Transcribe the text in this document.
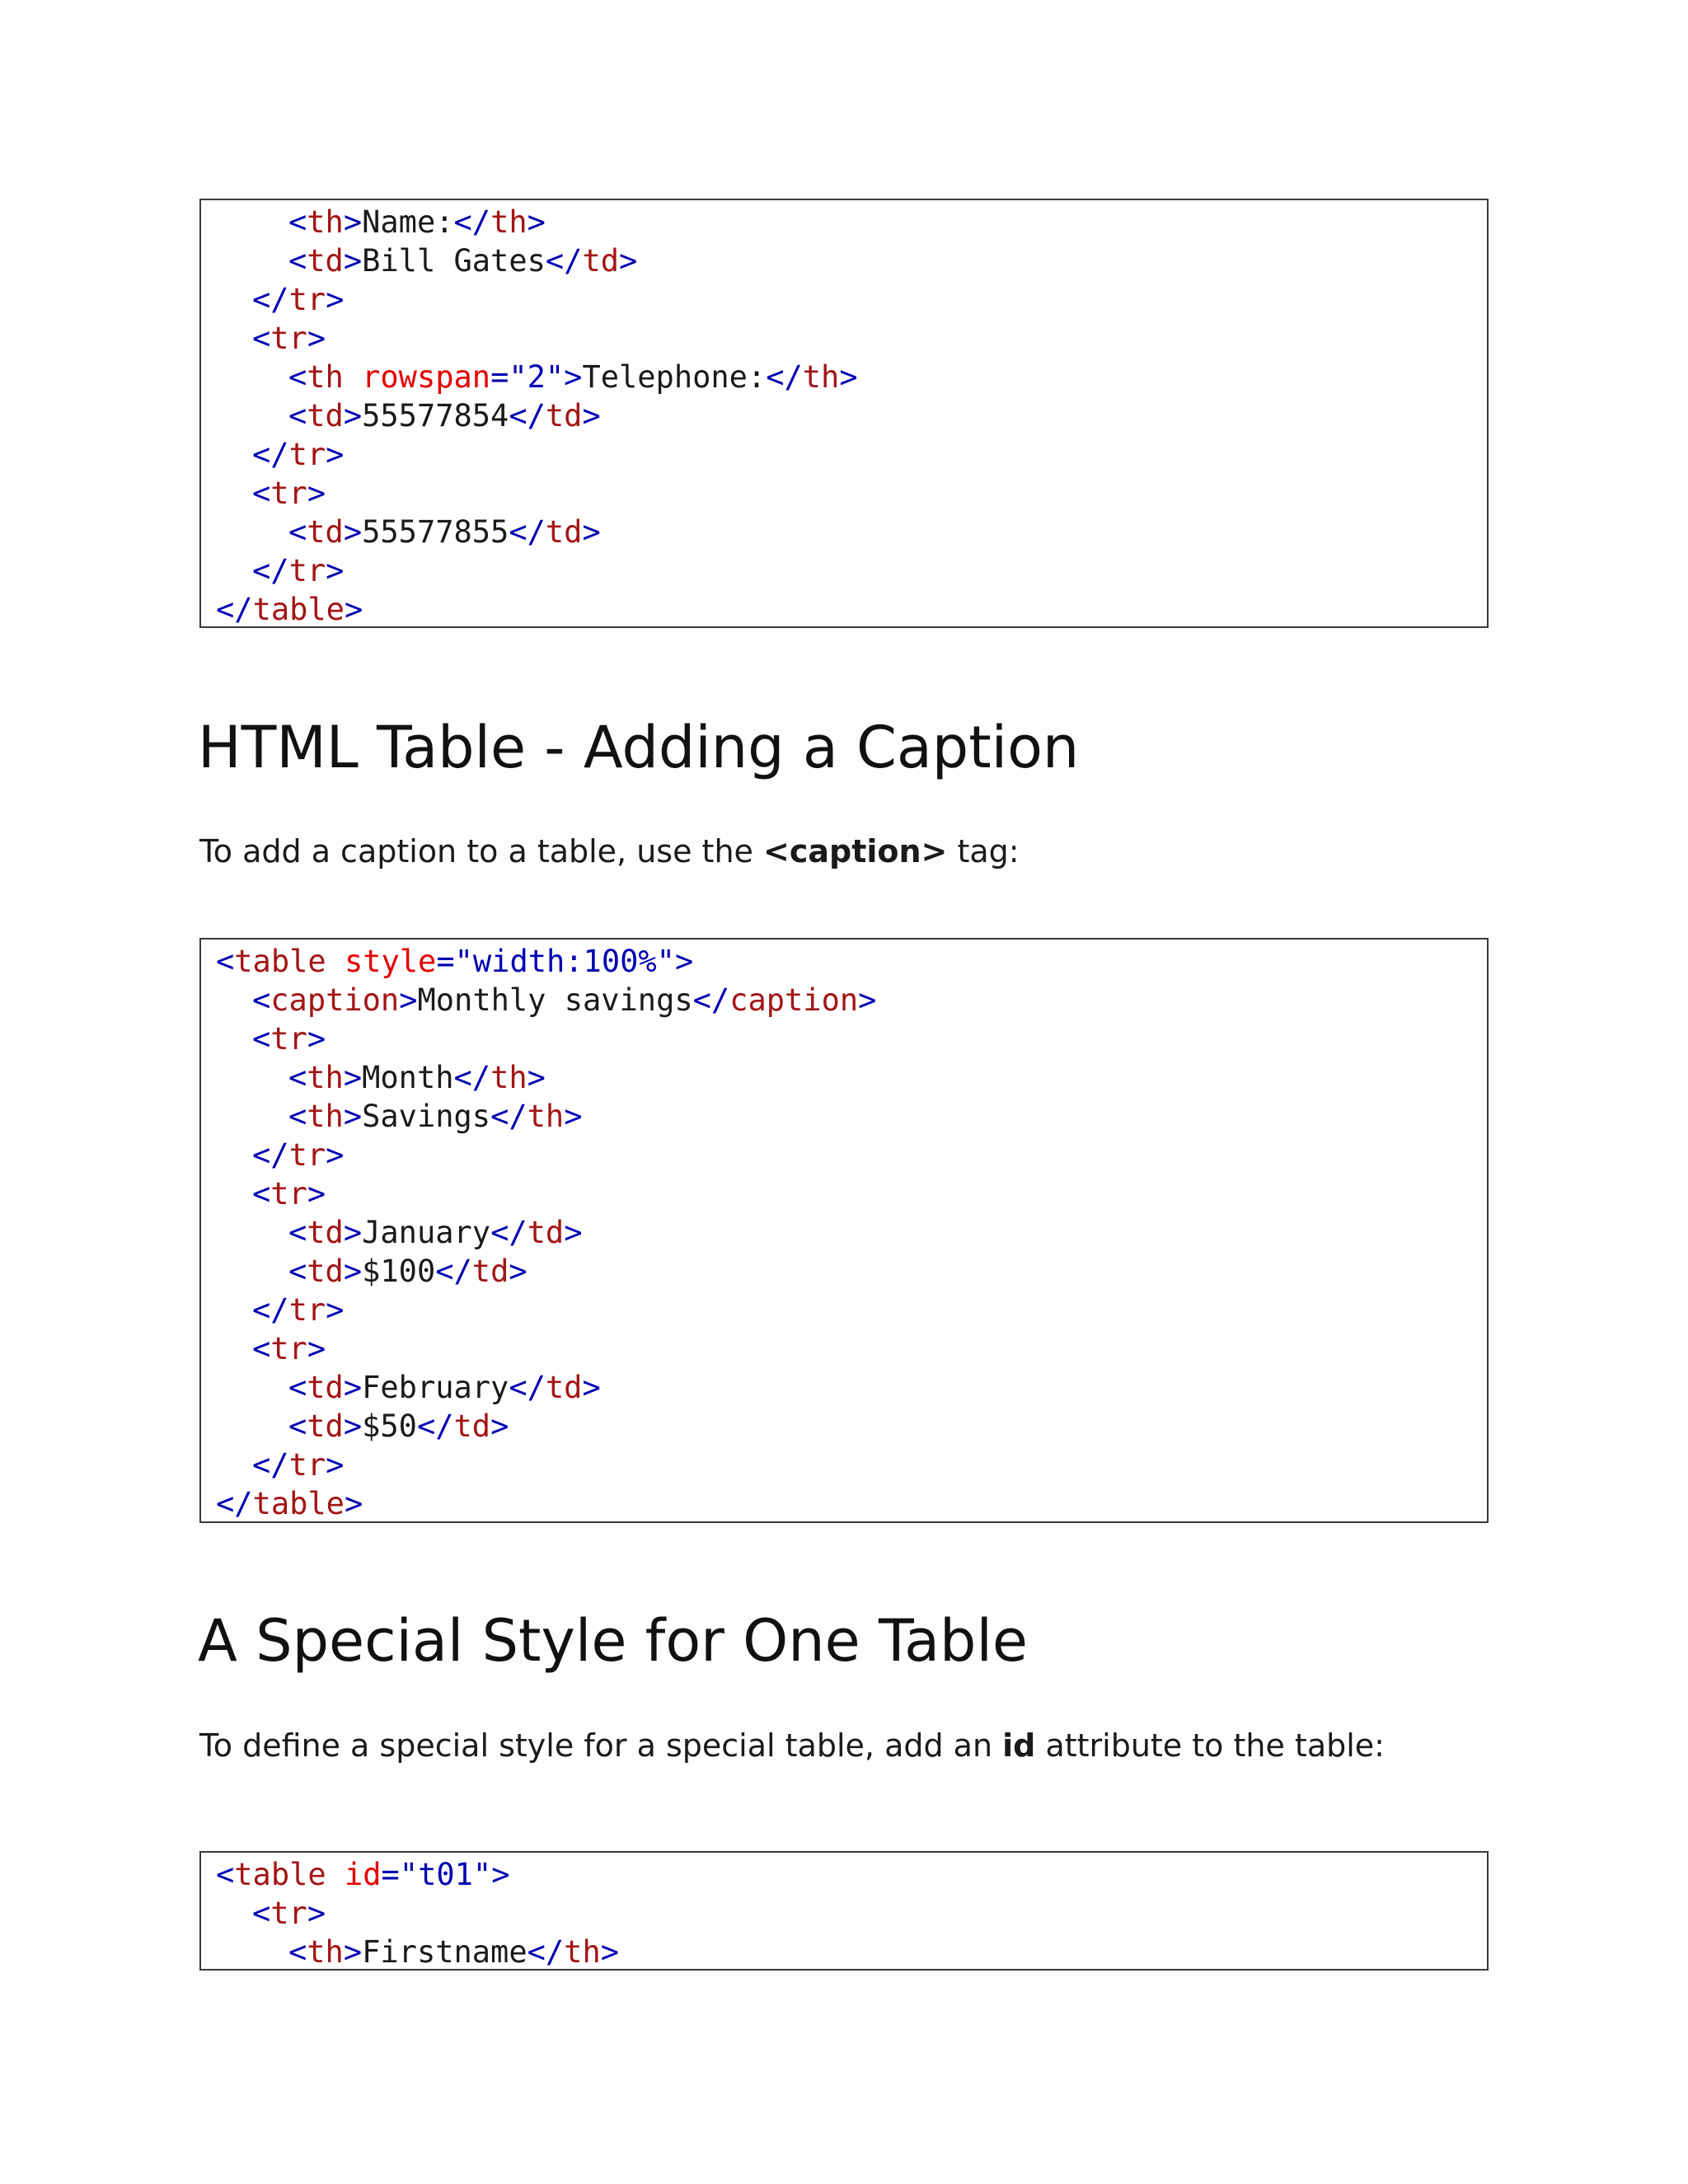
<th>Name:</th>
<td>Bill Gates</td>
</tr>
<tr>
<th rowspan="2">Telephone:</th>
<td>55577854</td>
</tr>
<tr>
<td>55577855</td>
</tr>
</table>
HTML Table - Adding a Caption

To add a caption to a table, use the <caption> tag:

<table style="width:100%">
<caption>Monthly savings</caption>
<tr>
<th>Month</th>
<th>Savings</th>
</tr>
<tr>
<td>January</td>
<td>$100</td>
</tr>
<tr>
<td>February</td>
<td>$50</td>
</tr>
</table>
A Special Style for One Table

To define a special style for a special table, add an id attribute to the table:

<table id="t01">
<tr>
<th>Firstname</th>
